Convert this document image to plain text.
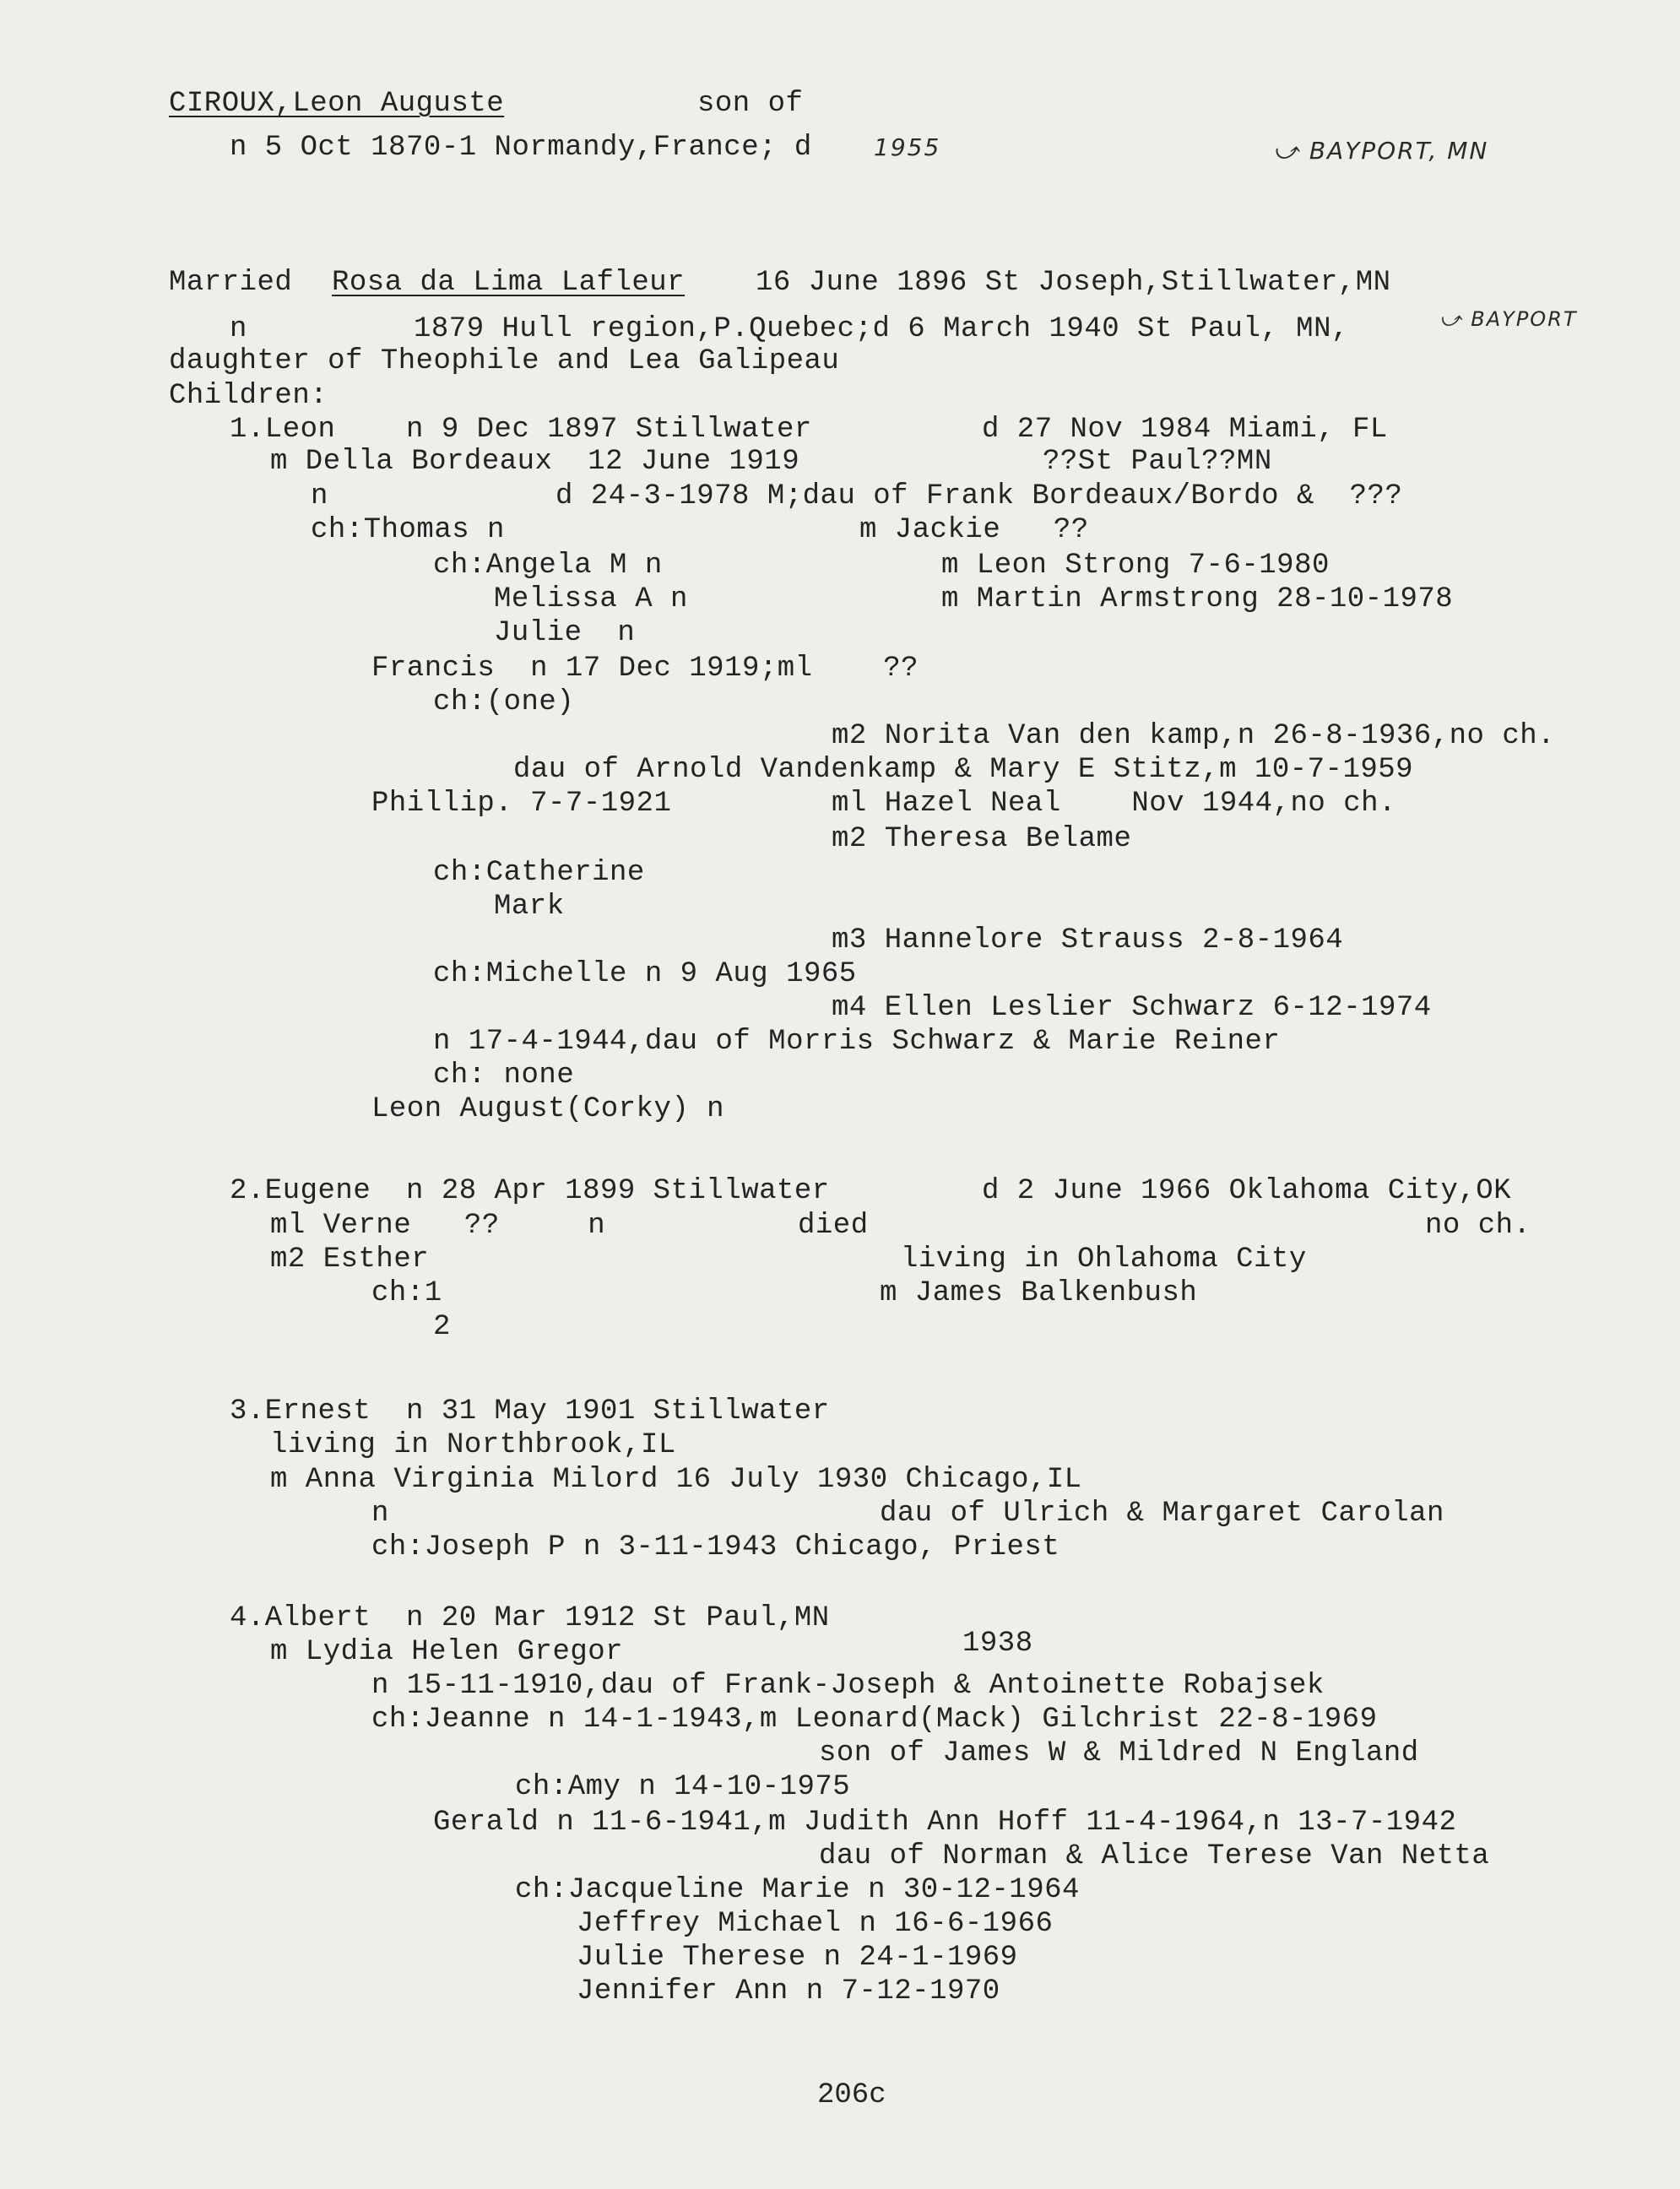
CIROUX,Leon Auguste	son of
n 5 Oct 1870-1 Normandy,France; d	1955	⤻ BAYPORT, MN
Married Rosa da Lima Lafleur 16 June 1896 St Joseph,Stillwater,MN
n	1879 Hull region,P.Quebec;d 6 March 1940 St Paul, MN,	⤻ BAYPORT
daughter of Theophile and Lea Galipeau
Children:
1.Leon    n 9 Dec 1897 Stillwater	d 27 Nov 1984 Miami, FL
m Della Bordeaux  12 June 1919	??St Paul??MN
n	d 24-3-1978 M;dau of Frank Bordeaux/Bordo &  ???
ch:Thomas n	m Jackie   ??
ch:Angela M n	m Leon Strong 7-6-1980
Melissa A n	m Martin Armstrong 28-10-1978
Julie  n
Francis  n 17 Dec 1919;ml    ??
ch:(one)
m2 Norita Van den kamp,n 26-8-1936,no ch.
dau of Arnold Vandenkamp & Mary E Stitz,m 10-7-1959
Phillip. 7-7-1921	ml Hazel Neal    Nov 1944,no ch.
m2 Theresa Belame
ch:Catherine
Mark
m3 Hannelore Strauss 2-8-1964
ch:Michelle n 9 Aug 1965
m4 Ellen Leslier Schwarz 6-12-1974
n 17-4-1944,dau of Morris Schwarz & Marie Reiner
ch: none
Leon August(Corky) n
2.Eugene  n 28 Apr 1899 Stillwater	d 2 June 1966 Oklahoma City,OK
ml Verne   ??     n	died	no ch.
m2 Esther	living in Ohlahoma City
ch:1	m James Balkenbush
2
3.Ernest  n 31 May 1901 Stillwater
living in Northbrook,IL
m Anna Virginia Milord 16 July 1930 Chicago,IL
n	dau of Ulrich & Margaret Carolan
ch:Joseph P n 3-11-1943 Chicago, Priest
4.Albert  n 20 Mar 1912 St Paul,MN
m Lydia Helen Gregor	1938
n 15-11-1910,dau of Frank-Joseph & Antoinette Robajsek
ch:Jeanne n 14-1-1943,m Leonard(Mack) Gilchrist 22-8-1969
son of James W & Mildred N England
ch:Amy n 14-10-1975
Gerald n 11-6-1941,m Judith Ann Hoff 11-4-1964,n 13-7-1942
dau of Norman & Alice Terese Van Netta
ch:Jacqueline Marie n 30-12-1964
Jeffrey Michael n 16-6-1966
Julie Therese n 24-1-1969
Jennifer Ann n 7-12-1970
206c
